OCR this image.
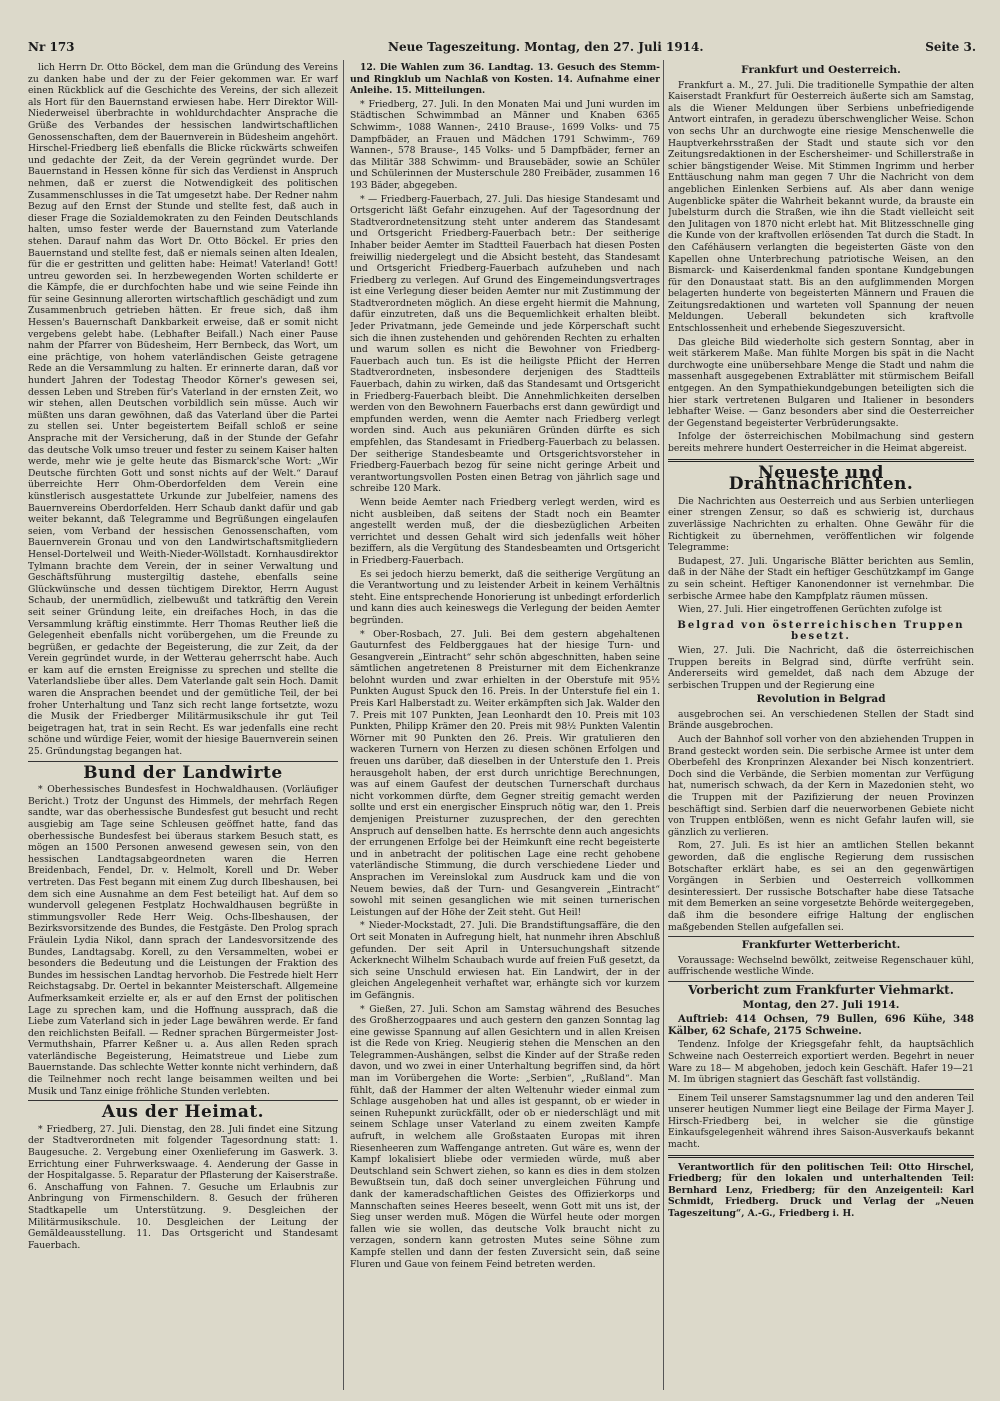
Nr 173	Neue Tageszeitung. Montag, den 27. Juli 1914.	Seite 3.

lich Herrn Dr. Otto Böckel, dem man die Gründung des Vereins zu danken habe und der zu der Feier gekommen war. Er warf einen Rückblick auf die Geschichte des Vereins, der sich allezeit als Hort für den Bauernstand erwiesen habe. Herr Direktor Will-Niederweisel überbrachte in wohldurchdachter Ansprache die Grüße des Verbandes der hessischen landwirtschaftlichen Genossenschaften, dem der Bauernverein in Büdesheim angehört. Hirschel-Friedberg ließ ebenfalls die Blicke rückwärts schweifen und gedachte der Zeit, da der Verein gegründet wurde. Der Bauernstand in Hessen könne für sich das Verdienst in Anspruch nehmen, daß er zuerst die Notwendigkeit des politischen Zusammenschlusses in die Tat umgesetzt habe. Der Redner nahm Bezug auf den Ernst der Stunde und stellte fest, daß auch in dieser Frage die Sozialdemokraten zu den Feinden Deutschlands halten, umso fester werde der Bauernstand zum Vaterlande stehen. Darauf nahm das Wort Dr. Otto Böckel. Er pries den Bauernstand und stellte fest, daß er niemals seinen alten Idealen, für die er gestritten und gelitten habe: Heimat! Vaterland! Gott! untreu geworden sei. In herzbewegenden Worten schilderte er die Kämpfe, die er durchfochten habe und wie seine Feinde ihn für seine Gesinnung allerorten wirtschaftlich geschädigt und zum Zusammenbruch getrieben hätten. Er freue sich, daß ihm Hessen's Bauernschaft Dankbarkeit erweise, daß er somit nicht vergebens gelebt habe. (Lebhafter Beifall.) Nach einer Pause nahm der Pfarrer von Büdesheim, Herr Bernbeck, das Wort, um eine prächtige, von hohem vaterländischen Geiste getragene Rede an die Versammlung zu halten. Er erinnerte daran, daß vor hundert Jahren der Todestag Theodor Körner's gewesen sei, dessen Leben und Streben für's Vaterland in der ernsten Zeit, wo wir stehen, allen Deutschen vorbildlich sein müsse. Auch wir müßten uns daran gewöhnen, daß das Vaterland über die Partei zu stellen sei. Unter begeistertem Beifall schloß er seine Ansprache mit der Versicherung, daß in der Stunde der Gefahr das deutsche Volk umso treuer und fester zu seinem Kaiser halten werde, mehr wie je gelte heute das Bismarck'sche Wort: „Wir Deutsche fürchten Gott und sonst nichts auf der Welt.“ Darauf überreichte Herr Ohm-Oberdorfelden dem Verein eine künstlerisch ausgestattete Urkunde zur Jubelfeier, namens des Bauernvereins Oberdorfelden. Herr Schaub dankt dafür und gab weiter bekannt, daß Telegramme und Begrüßungen eingelaufen seien, vom Verband der hessischen Genossenschaften, vom Bauernverein Gronau und von den Landwirtschaftsmitgliedern Hensel-Dortelweil und Weith-Nieder-Wöllstadt. Kornhausdirektor Tylmann brachte dem Verein, der in seiner Verwaltung und Geschäftsführung mustergiltig dastehe, ebenfalls seine Glückwünsche und dessen tüchtigem Direktor, Herrn August Schaub, der unermüdlich, zielbewußt und tatkräftig den Verein seit seiner Gründung leite, ein dreifaches Hoch, in das die Versammlung kräftig einstimmte. Herr Thomas Reuther ließ die Gelegenheit ebenfalls nicht vorübergehen, um die Freunde zu begrüßen, er gedachte der Begeisterung, die zur Zeit, da der Verein gegründet wurde, in der Wetterau geherrscht habe. Auch er kam auf die ernsten Ereignisse zu sprechen und stellte die Vaterlandsliebe über alles. Dem Vaterlande galt sein Hoch. Damit waren die Ansprachen beendet und der gemütliche Teil, der bei froher Unterhaltung und Tanz sich recht lange fortsetzte, wozu die Musik der Friedberger Militärmusikschule ihr gut Teil beigetragen hat, trat in sein Recht. Es war jedenfalls eine recht schöne und würdige Feier, womit der hiesige Bauernverein seinen 25. Gründungstag begangen hat.

Bund der Landwirte

* Oberhessisches Bundesfest in Hochwaldhausen. (Vorläufiger Bericht.) Trotz der Ungunst des Himmels, der mehrfach Regen sandte, war das oberhessische Bundesfest gut besucht und recht ausgiebig am Tage seine Schleusen geöffnet hatte, fand das oberhessische Bundesfest bei überaus starkem Besuch statt, es mögen an 1500 Personen anwesend gewesen sein, von den hessischen Landtagsabgeordneten waren die Herren Breidenbach, Fendel, Dr. v. Helmolt, Korell und Dr. Weber vertreten. Das Fest begann mit einem Zug durch Ilbeshausen, bei dem sich eine Ausnahme an dem Fest beteiligt hat. Auf dem so wundervoll gelegenen Festplatz Hochwaldhausen begrüßte in stimmungsvoller Rede Herr Weig. Ochs-Ilbeshausen, der Bezirksvorsitzende des Bundes, die Festgäste. Den Prolog sprach Fräulein Lydia Nikol, dann sprach der Landesvorsitzende des Bundes, Landtagsabg. Korell, zu den Versammelten, wobei er besonders die Bedeutung und die Leistungen der Fraktion des Bundes im hessischen Landtag hervorhob. Die Festrede hielt Herr Reichstagsabg. Dr. Oertel in bekannter Meisterschaft. Allgemeine Aufmerksamkeit erzielte er, als er auf den Ernst der politischen Lage zu sprechen kam, und die Hoffnung aussprach, daß die Liebe zum Vaterland sich in jeder Lage bewähren werde. Er fand den reichlichsten Beifall. — Redner sprachen Bürgermeister Jost-Vermuthshain, Pfarrer Keßner u. a. Aus allen Reden sprach vaterländische Begeisterung, Heimatstreue und Liebe zum Bauernstande. Das schlechte Wetter konnte nicht verhindern, daß die Teilnehmer noch recht lange beisammen weilten und bei Musik und Tanz einige fröhliche Stunden verlebten.

Aus der Heimat.

* Friedberg, 27. Juli. Dienstag, den 28. Juli findet eine Sitzung der Stadtverordneten mit folgender Tagesordnung statt: 1. Baugesuche. 2. Vergebung einer Oxenlieferung im Gaswerk. 3. Errichtung einer Fuhrwerkswaage. 4. Aenderung der Gasse in der Hospitalgasse. 5. Reparatur der Pflasterung der Kaiserstraße. 6. Anschaffung von Fahnen. 7. Gesuche um Erlaubnis zur Anbringung von Firmenschildern. 8. Gesuch der früheren Stadtkapelle um Unterstützung. 9. Desgleichen der Militärmusikschule. 10. Desgleichen der Leitung der Gemäldeausstellung. 11. Das Ortsgericht und Standesamt Fauerbach.

12. Die Wahlen zum 36. Landtag. 13. Gesuch des Stemm- und Ringklub um Nachlaß von Kosten. 14. Aufnahme einer Anleihe. 15. Mitteilungen.

* Friedberg, 27. Juli. In den Monaten Mai und Juni wurden im Städtischen Schwimmbad an Männer und Knaben 6365 Schwimm-, 1088 Wannen-, 2410 Brause-, 1699 Volks- und 75 Dampfbäder, an Frauen und Mädchen 1791 Schwimm-, 769 Wannen-, 578 Brause-, 145 Volks- und 5 Dampfbäder, ferner an das Militär 388 Schwimm- und Brausebäder, sowie an Schüler und Schülerinnen der Musterschule 280 Freibäder, zusammen 16 193 Bäder, abgegeben.

* — Friedberg-Fauerbach, 27. Juli. Das hiesige Standesamt und Ortsgericht läßt Gefahr einzugehen. Auf der Tagesordnung der Stadtverordnetensitzung steht unter anderem das Standesamt und Ortsgericht Friedberg-Fauerbach betr.: Der seitherige Inhaber beider Aemter im Stadtteil Fauerbach hat diesen Posten freiwillig niedergelegt und die Absicht besteht, das Standesamt und Ortsgericht Friedberg-Fauerbach aufzuheben und nach Friedberg zu verlegen. Auf Grund des Eingemeindungsvertrages ist eine Verlegung dieser beiden Aemter nur mit Zustimmung der Stadtverordneten möglich. An diese ergeht hiermit die Mahnung, dafür einzutreten, daß uns die Bequemlichkeit erhalten bleibt. Jeder Privatmann, jede Gemeinde und jede Körperschaft sucht sich die ihnen zustehenden und gehörenden Rechten zu erhalten und warum sollen es nicht die Bewohner von Friedberg-Fauerbach auch tun. Es ist die heiligste Pflicht der Herren Stadtverordneten, insbesondere derjenigen des Stadtteils Fauerbach, dahin zu wirken, daß das Standesamt und Ortsgericht in Friedberg-Fauerbach bleibt. Die Annehmlichkeiten derselben werden von den Bewohnern Fauerbachs erst dann gewürdigt und empfunden werden, wenn die Aemter nach Friedberg verlegt worden sind. Auch aus pekuniären Gründen dürfte es sich empfehlen, das Standesamt in Friedberg-Fauerbach zu belassen. Der seitherige Standesbeamte und Ortsgerichtsvorsteher in Friedberg-Fauerbach bezog für seine nicht geringe Arbeit und verantwortungsvollen Posten einen Betrag von jährlich sage und schreibe 120 Mark.

Wenn beide Aemter nach Friedberg verlegt werden, wird es nicht ausbleiben, daß seitens der Stadt noch ein Beamter angestellt werden muß, der die diesbezüglichen Arbeiten verrichtet und dessen Gehalt wird sich jedenfalls weit höher beziffern, als die Vergütung des Standesbeamten und Ortsgericht in Friedberg-Fauerbach.

Es sei jedoch hierzu bemerkt, daß die seitherige Vergütung an die Verantwortung und zu leistender Arbeit in keinem Verhältnis steht. Eine entsprechende Honorierung ist unbedingt erforderlich und kann dies auch keineswegs die Verlegung der beiden Aemter begründen.

* Ober-Rosbach, 27. Juli. Bei dem gestern abgehaltenen Gauturnfest des Feldberggaues hat der hiesige Turn- und Gesangverein „Eintracht“ sehr schön abgeschnitten, haben seine sämtlichen angetretenen 8 Preisturner mit dem Eichenkranze belohnt wurden und zwar erhielten in der Oberstufe mit 95½ Punkten August Spuck den 16. Preis. In der Unterstufe fiel ein 1. Preis Karl Halberstadt zu. Weiter erkämpften sich Jak. Walder den 7. Preis mit 107 Punkten, Jean Leonhardt den 10. Preis mit 103 Punkten, Philipp Krämer den 20. Preis mit 98½ Punkten Valentin Wörner mit 90 Punkten den 26. Preis. Wir gratulieren den wackeren Turnern von Herzen zu diesen schönen Erfolgen und freuen uns darüber, daß dieselben in der Unterstufe den 1. Preis herausgeholt haben, der erst durch unrichtige Berechnungen, was auf einem Gaufest der deutschen Turnerschaft durchaus nicht vorkommen dürfte, dem Gegner streitig gemacht werden sollte und erst ein energischer Einspruch nötig war, den 1. Preis demjenigen Preisturner zuzusprechen, der den gerechten Anspruch auf denselben hatte. Es herrschte denn auch angesichts der errungenen Erfolge bei der Heimkunft eine recht begeisterte und in anbetracht der politischen Lage eine recht gehobene vaterländische Stimmung, die durch verschiedene Lieder und Ansprachen im Vereinslokal zum Ausdruck kam und die von Neuem bewies, daß der Turn- und Gesangverein „Eintracht“ sowohl mit seinen gesanglichen wie mit seinen turnerischen Leistungen auf der Höhe der Zeit steht. Gut Heil!

* Nieder-Mockstadt, 27. Juli. Die Brandstiftungsaffäre, die den Ort seit Monaten in Aufregung hielt, hat nunmehr ihren Abschluß gefunden. Der seit April in Untersuchungshaft sitzende Ackerknecht Wilhelm Schaubach wurde auf freien Fuß gesetzt, da sich seine Unschuld erwiesen hat. Ein Landwirt, der in der gleichen Angelegenheit verhaftet war, erhängte sich vor kurzem im Gefängnis.

* Gießen, 27. Juli. Schon am Samstag während des Besuches des Großherzogpaares und auch gestern den ganzen Sonntag lag eine gewisse Spannung auf allen Gesichtern und in allen Kreisen ist die Rede von Krieg. Neugierig stehen die Menschen an den Telegrammen-Aushängen, selbst die Kinder auf der Straße reden davon, und wo zwei in einer Unterhaltung begriffen sind, da hört man im Vorübergehen die Worte: „Serbien“, „Rußland“. Man fühlt, daß der Hammer der alten Weltenuhr wieder einmal zum Schlage ausgehoben hat und alles ist gespannt, ob er wieder in seinen Ruhepunkt zurückfällt, oder ob er niederschlägt und mit seinem Schlage unser Vaterland zu einem zweiten Kampfe aufruft, in welchem alle Großstaaten Europas mit ihren Riesenheeren zum Waffengange antreten. Gut wäre es, wenn der Kampf lokalisiert bliebe oder vermieden würde, muß aber Deutschland sein Schwert ziehen, so kann es dies in dem stolzen Bewußtsein tun, daß doch seiner unvergleichen Führung und dank der kameradschaftlichen Geistes des Offizierkorps und Mannschaften seines Heeres beseelt, wenn Gott mit uns ist, der Sieg unser werden muß. Mögen die Würfel heute oder morgen fallen wie sie wollen, das deutsche Volk braucht nicht zu verzagen, sondern kann getrosten Mutes seine Söhne zum Kampfe stellen und dann der festen Zuversicht sein, daß seine Fluren und Gaue von feinem Feind betreten werden.

Frankfurt und Oesterreich.

Frankfurt a. M., 27. Juli. Die traditionelle Sympathie der alten Kaiserstadt Frankfurt für Oesterreich äußerte sich am Samstag, als die Wiener Meldungen über Serbiens unbefriedigende Antwort eintrafen, in geradezu überschwenglicher Weise. Schon von sechs Uhr an durchwogte eine riesige Menschenwelle die Hauptverkehrsstraßen der Stadt und staute sich vor den Zeitungsredaktionen in der Eschersheimer- und Schillerstraße in schier bängstigender Weise. Mit Stimmen Ingrimm und herber Enttäuschung nahm man gegen 7 Uhr die Nachricht von dem angeblichen Einlenken Serbiens auf. Als aber dann wenige Augenblicke später die Wahrheit bekannt wurde, da brauste ein Jubelsturm durch die Straßen, wie ihn die Stadt vielleicht seit den Julitagen von 1870 nicht erlebt hat. Mit Blitzesschnelle ging die Kunde von der kraftvollen erlösenden Tat durch die Stadt. In den Caféhäusern verlangten die begeisterten Gäste von den Kapellen ohne Unterbrechung patriotische Weisen, an den Bismarck- und Kaiserdenkmal fanden spontane Kundgebungen für den Donaustaat statt. Bis an den aufglimmenden Morgen belagerten hunderte von begeisterten Männern und Frauen die Zeitungsredaktionen und warteten voll Spannung der neuen Meldungen. Ueberall bekundeten sich kraftvolle Entschlossenheit und erhebende Siegeszuversicht.

Das gleiche Bild wiederholte sich gestern Sonntag, aber in weit stärkerem Maße. Man fühlte Morgen bis spät in die Nacht durchwogte eine unübersehbare Menge die Stadt und nahm die massenhaft ausgegebenen Extrablätter mit stürmischem Beifall entgegen. An den Sympathiekundgebungen beteiligten sich die hier stark vertretenen Bulgaren und Italiener in besonders lebhafter Weise. — Ganz besonders aber sind die Oesterreicher der Gegenstand begeisterter Verbrüderungsakte.

Infolge der österreichischen Mobilmachung sind gestern bereits mehrere hundert Oesterreicher in die Heimat abgereist.

Neueste und Drahtnachrichten.

Die Nachrichten aus Oesterreich und aus Serbien unterliegen einer strengen Zensur, so daß es schwierig ist, durchaus zuverlässige Nachrichten zu erhalten. Ohne Gewähr für die Richtigkeit zu übernehmen, veröffentlichen wir folgende Telegramme:

Budapest, 27. Juli. Ungarische Blätter berichten aus Semlin, daß in der Nähe der Stadt ein heftiger Geschützkampf im Gange zu sein scheint. Heftiger Kanonendonner ist vernehmbar. Die serbische Armee habe den Kampfplatz räumen müssen.

Wien, 27. Juli. Hier eingetroffenen Gerüchten zufolge ist

Belgrad von österreichischen Truppen besetzt.

Wien, 27. Juli. Die Nachricht, daß die österreichischen Truppen bereits in Belgrad sind, dürfte verfrüht sein. Andererseits wird gemeldet, daß nach dem Abzuge der serbischen Truppen und der Regierung eine

Revolution in Belgrad

ausgebrochen sei. An verschiedenen Stellen der Stadt sind Brände ausgebrochen.

Auch der Bahnhof soll vorher von den abziehenden Truppen in Brand gesteckt worden sein. Die serbische Armee ist unter dem Oberbefehl des Kronprinzen Alexander bei Nisch konzentriert. Doch sind die Verbände, die Serbien momentan zur Verfügung hat, numerisch schwach, da der Kern in Mazedonien steht, wo die Truppen mit der Pazifizierung der neuen Provinzen beschäftigt sind. Serbien darf die neuerworbenen Gebiete nicht von Truppen entblößen, wenn es nicht Gefahr laufen will, sie gänzlich zu verlieren.

Rom, 27. Juli. Es ist hier an amtlichen Stellen bekannt geworden, daß die englische Regierung dem russischen Botschafter erklärt habe, es sei an den gegenwärtigen Vorgängen in Serbien und Oesterreich vollkommen desinteressiert. Der russische Botschafter habe diese Tatsache mit dem Bemerken an seine vorgesetzte Behörde weitergegeben, daß ihm die besondere eifrige Haltung der englischen maßgebenden Stellen aufgefallen sei.

Frankfurter Wetterbericht.

Voraussage: Wechselnd bewölkt, zeitweise Regenschauer kühl, auffrischende westliche Winde.

Vorbericht zum Frankfurter Viehmarkt.
Montag, den 27. Juli 1914.

Auftrieb: 414 Ochsen, 79 Bullen, 696 Kühe, 348 Kälber, 62 Schafe, 2175 Schweine.

Tendenz. Infolge der Kriegsgefahr fehlt, da hauptsächlich Schweine nach Oesterreich exportiert werden. Begehrt in neuer Ware zu 18— M abgehoben, jedoch kein Geschäft. Hafer 19—21 M. Im übrigen stagniert das Geschäft fast vollständig.

Einem Teil unserer Samstagsnummer lag und den anderen Teil unserer heutigen Nummer liegt eine Beilage der Firma Mayer J. Hirsch-Friedberg bei, in welcher sie die günstige Einkaufsgelegenheit während ihres Saison-Ausverkaufs bekannt macht.

Verantwortlich für den politischen Teil: Otto Hirschel, Friedberg; für den lokalen und unterhaltenden Teil: Bernhard Lenz, Friedberg; für den Anzeigenteil: Karl Schmidt, Friedberg. Druck und Verlag der „Neuen Tageszeitung“, A.-G., Friedberg i. H.
